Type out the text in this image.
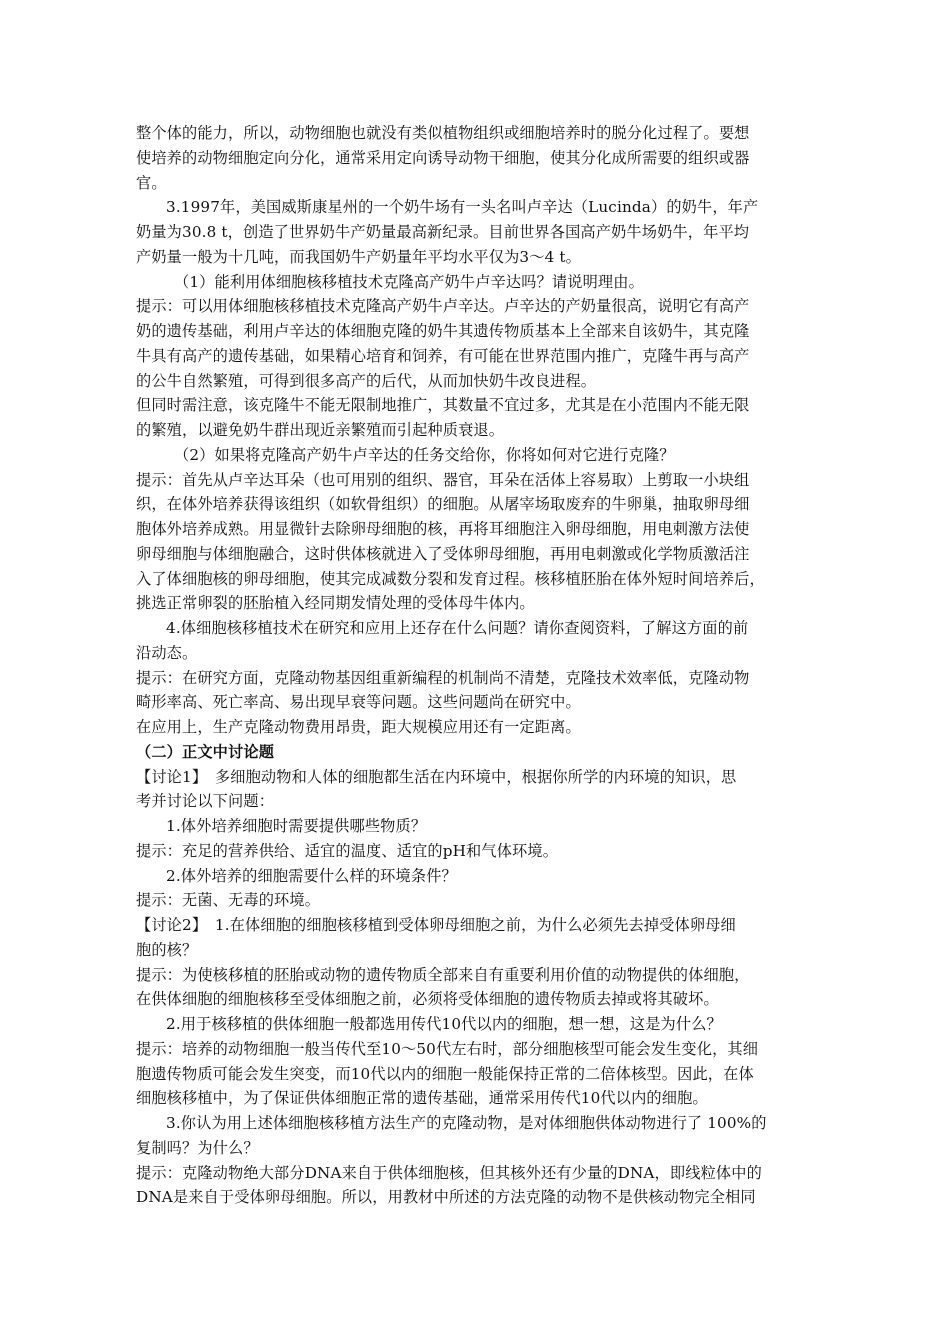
整个体的能力，所以，动物细胞也就没有类似植物组织或细胞培养时的脱分化过程了。要想
使培养的动物细胞定向分化，通常采用定向诱导动物干细胞，使其分化成所需要的组织或器
官。
3.1997年，美国威斯康星州的一个奶牛场有一头名叫卢辛达（Lucinda）的奶牛，年产
奶量为30.8 t，创造了世界奶牛产奶量最高新纪录。目前世界各国高产奶牛场奶牛，年平均
产奶量一般为十几吨，而我国奶牛产奶量年平均水平仅为3～4 t。
（1）能利用体细胞核移植技术克隆高产奶牛卢辛达吗？请说明理由。
提示：可以用体细胞核移植技术克隆高产奶牛卢辛达。卢辛达的产奶量很高，说明它有高产
奶的遗传基础，利用卢辛达的体细胞克隆的奶牛其遗传物质基本上全部来自该奶牛，其克隆
牛具有高产的遗传基础，如果精心培育和饲养，有可能在世界范围内推广，克隆牛再与高产
的公牛自然繁殖，可得到很多高产的后代，从而加快奶牛改良进程。
但同时需注意，该克隆牛不能无限制地推广，其数量不宜过多，尤其是在小范围内不能无限
的繁殖，以避免奶牛群出现近亲繁殖而引起种质衰退。
（2）如果将克隆高产奶牛卢辛达的任务交给你，你将如何对它进行克隆？
提示：首先从卢辛达耳朵（也可用别的组织、器官，耳朵在活体上容易取）上剪取一小块组
织，在体外培养获得该组织（如软骨组织）的细胞。从屠宰场取废弃的牛卵巢，抽取卵母细
胞体外培养成熟。用显微针去除卵母细胞的核，再将耳细胞注入卵母细胞，用电刺激方法使
卵母细胞与体细胞融合，这时供体核就进入了受体卵母细胞，再用电刺激或化学物质激活注
入了体细胞核的卵母细胞，使其完成减数分裂和发育过程。核移植胚胎在体外短时间培养后，
挑选正常卵裂的胚胎植入经同期发情处理的受体母牛体内。
4.体细胞核移植技术在研究和应用上还存在什么问题？请你查阅资料，了解这方面的前
沿动态。
提示：在研究方面，克隆动物基因组重新编程的机制尚不清楚，克隆技术效率低，克隆动物
畸形率高、死亡率高、易出现早衰等问题。这些问题尚在研究中。
在应用上，生产克隆动物费用昂贵，距大规模应用还有一定距离。
（二）正文中讨论题
【讨论1】　多细胞动物和人体的细胞都生活在内环境中，根据你所学的内环境的知识，思
考并讨论以下问题：
1.体外培养细胞时需要提供哪些物质？
提示：充足的营养供给、适宜的温度、适宜的pH和气体环境。
2.体外培养的细胞需要什么样的环境条件？
提示：无菌、无毒的环境。
【讨论2】　1.在体细胞的细胞核移植到受体卵母细胞之前，为什么必须先去掉受体卵母细
胞的核？
提示：为使核移植的胚胎或动物的遗传物质全部来自有重要利用价值的动物提供的体细胞，
在供体细胞的细胞核移至受体细胞之前，必须将受体细胞的遗传物质去掉或将其破坏。
2.用于核移植的供体细胞一般都选用传代10代以内的细胞，想一想，这是为什么？
提示：培养的动物细胞一般当传代至10～50代左右时，部分细胞核型可能会发生变化，其细
胞遗传物质可能会发生突变，而10代以内的细胞一般能保持正常的二倍体核型。因此，在体
细胞核移植中，为了保证供体细胞正常的遗传基础，通常采用传代10代以内的细胞。
3.你认为用上述体细胞核移植方法生产的克隆动物，是对体细胞供体动物进行了 100%的
复制吗？为什么？
提示：克隆动物绝大部分DNA来自于供体细胞核，但其核外还有少量的DNA，即线粒体中的
DNA是来自于受体卵母细胞。所以，用教材中所述的方法克隆的动物不是供核动物完全相同
